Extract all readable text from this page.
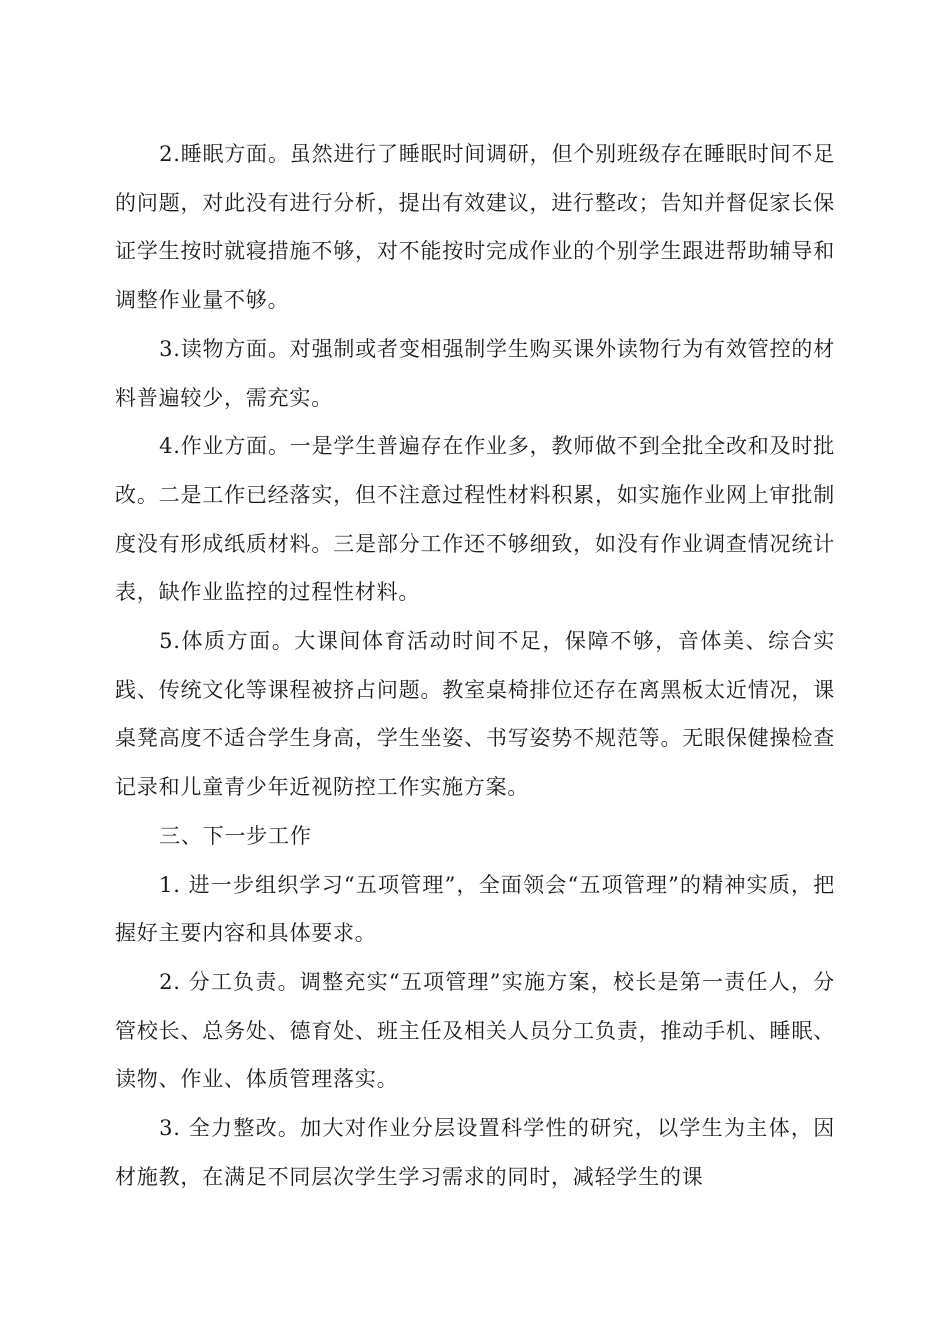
2.睡眠方面。虽然进行了睡眠时间调研，但个别班级存在睡眠时间不足的问题，对此没有进行分析，提出有效建议，进行整改；告知并督促家长保证学生按时就寝措施不够，对不能按时完成作业的个别学生跟进帮助辅导和调整作业量不够。

3.读物方面。对强制或者变相强制学生购买课外读物行为有效管控的材料普遍较少，需充实。

4.作业方面。一是学生普遍存在作业多，教师做不到全批全改和及时批改。二是工作已经落实，但不注意过程性材料积累，如实施作业网上审批制度没有形成纸质材料。三是部分工作还不够细致，如没有作业调查情况统计表，缺作业监控的过程性材料。

5.体质方面。大课间体育活动时间不足，保障不够，音体美、综合实践、传统文化等课程被挤占问题。教室桌椅排位还存在离黑板太近情况，课桌凳高度不适合学生身高，学生坐姿、书写姿势不规范等。无眼保健操检查记录和儿童青少年近视防控工作实施方案。

三、下一步工作

1. 进一步组织学习“五项管理”，全面领会“五项管理”的精神实质，把握好主要内容和具体要求。

2. 分工负责。调整充实“五项管理”实施方案，校长是第一责任人，分管校长、总务处、德育处、班主任及相关人员分工负责，推动手机、睡眠、读物、作业、体质管理落实。

3. 全力整改。加大对作业分层设置科学性的研究，以学生为主体，因材施教，在满足不同层次学生学习需求的同时，减轻学生的课
